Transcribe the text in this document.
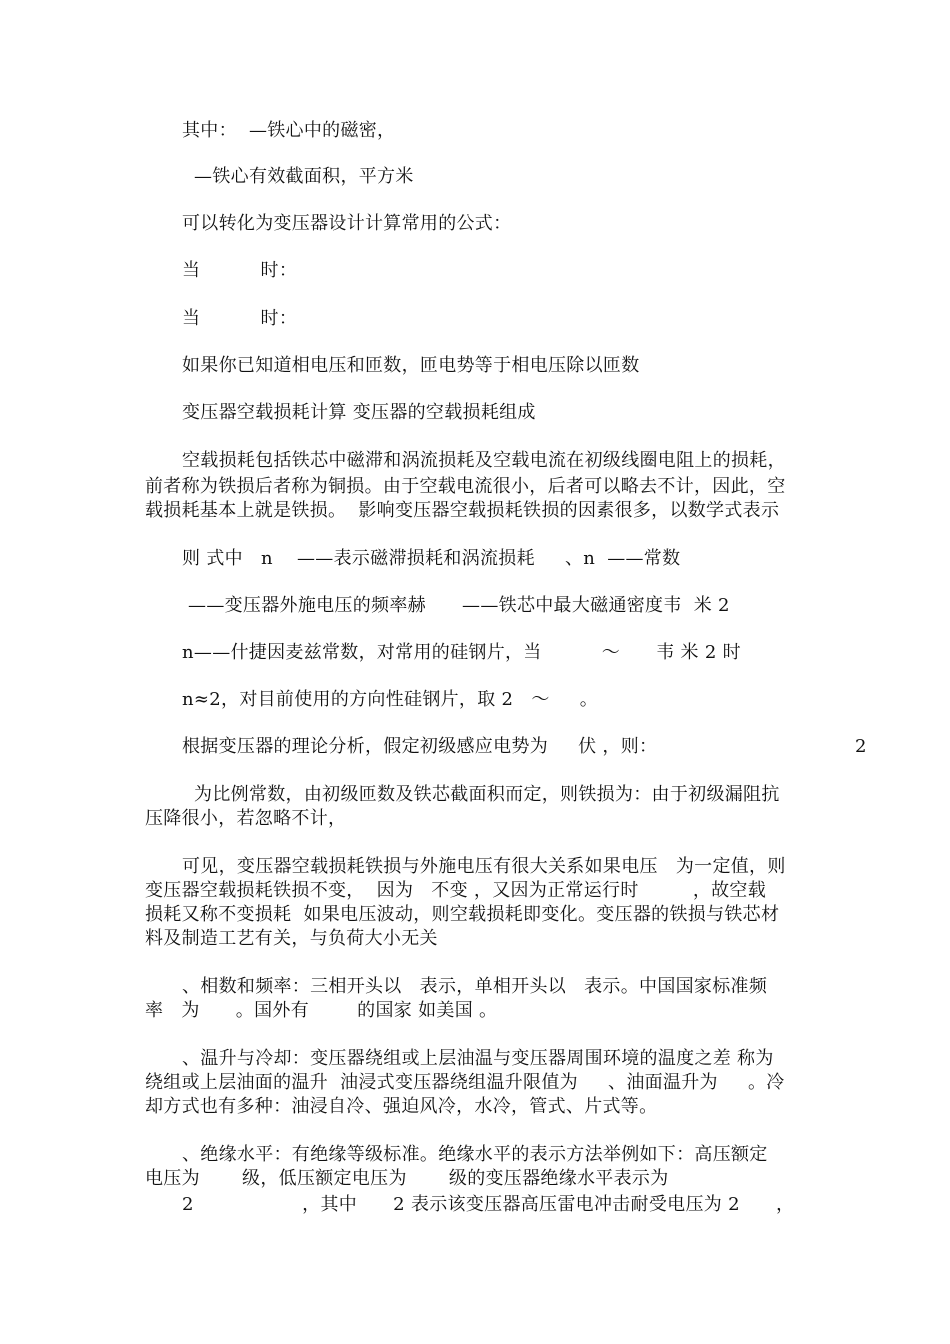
其中：  —铁心中的磁密，
—铁心有效截面积，平方米
可以转化为变压器设计计算常用的公式：
当          时：
当          时：
如果你已知道相电压和匝数，匝电势等于相电压除以匝数
变压器空载损耗计算 变压器的空载损耗组成
空载损耗包括铁芯中磁滞和涡流损耗及空载电流在初级线圈电阻上的损耗，
前者称为铁损后者称为铜损。由于空载电流很小，后者可以略去不计，因此，空
载损耗基本上就是铁损。  影响变压器空载损耗铁损的因素很多，以数学式表示
则 式中   n    ——表示磁滞损耗和涡流损耗     、n  ——常数
——变压器外施电压的频率赫      ——铁芯中最大磁通密度韦  米 2
n——什捷因麦兹常数，对常用的硅钢片，当          ～      韦 米 2 时
n≈2，对目前使用的方向性硅钢片，取 2   ～     。
根据变压器的理论分析，假定初级感应电势为     伏 ，则：	2
为比例常数，由初级匝数及铁芯截面积而定，则铁损为：由于初级漏阻抗
压降很小，若忽略不计，
可见，变压器空载损耗铁损与外施电压有很大关系如果电压   为一定值，则
变压器空载损耗铁损不变，  因为   不变 ，又因为正常运行时         ，故空载
损耗又称不变损耗  如果电压波动，则空载损耗即变化。变压器的铁损与铁芯材
料及制造工艺有关，与负荷大小无关
、相数和频率：三相开头以   表示，单相开头以   表示。中国国家标准频
率   为      。国外有        的国家 如美国 。
、温升与冷却：变压器绕组或上层油温与变压器周围环境的温度之差 称为
绕组或上层油面的温升  油浸式变压器绕组温升限值为     、油面温升为     。冷
却方式也有多种：油浸自冷、强迫风冷，水冷，管式、片式等。
、绝缘水平：有绝缘等级标准。绝缘水平的表示方法举例如下：高压额定
电压为       级，低压额定电压为       级的变压器绝缘水平表示为
2                  ，其中      2 表示该变压器高压雷电冲击耐受电压为 2      ，
